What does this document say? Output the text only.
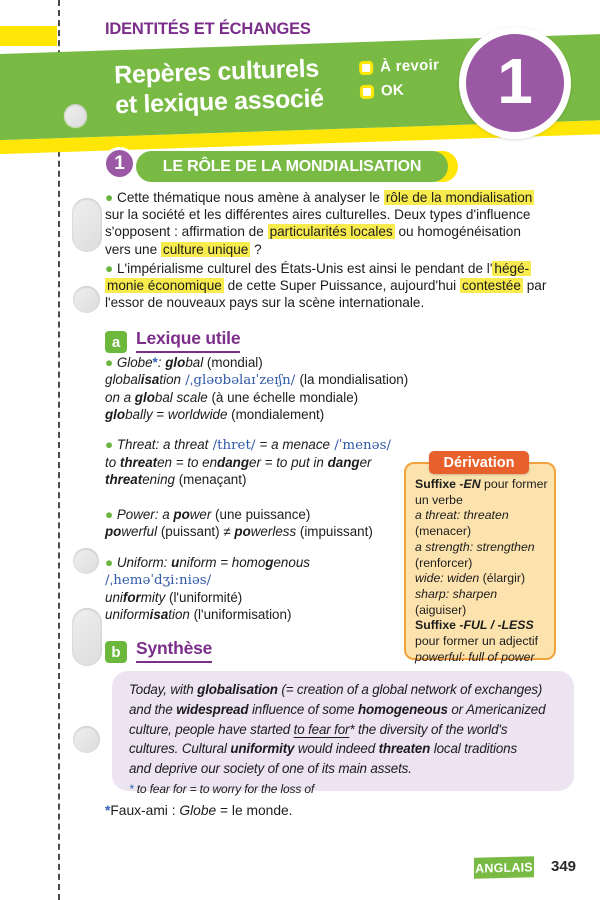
IDENTITÉS ET ÉCHANGES
Repères culturels
et lexique associé
À revoir
OK 1
LE RÔLE DE LA MONDIALISATION
1
● Cette thématique nous amène à analyser le rôle de la mondialisation
sur la société et les différentes aires culturelles. Deux types d'influence
s'opposent : affirmation de particularités locales ou homogénéisation
vers une culture unique ?
● L'impérialisme culturel des États-Unis est ainsi le pendant de l' hégé-
monie économique de cette Super Puissance, aujourd'hui contestée par
l'essor de nouveaux pays sur la scène internationale.
a Lexique utile
● Globe*: global (mondial)
globalisation /ˌgləʊbəlaɪˈzeɪʃn/ (la mondialisation)
on a global scale (à une échelle mondiale)
globally = worldwide (mondialement)
● Threat: a threat /thret/ = a menace /ˈmenəs/
to threaten = to endanger = to put in danger
threatening (menaçant)
● Power: a power (une puissance)
powerful (puissant) ≠ powerless (impuissant)
● Uniform: uniform = homogenous
/ˌheməˈdʒi:niəs/
uniformity (l'uniformité)
uniformisation (l'uniformisation)
Suffixe -EN pour former
un verbe
a threat: threaten
(menacer)
a strength: strengthen
(renforcer)
wide: widen (élargir)
sharp: sharpen
(aiguiser)
Suffixe -FUL / -LESS
pour former un adjectif
powerful: full of power
Dérivation
b Synthèse
Today, with globalisation (= creation of a global network of exchanges)
and the widespread influence of some homogeneous or Americanized
culture, people have started to fear for* the diversity of the world's
cultures. Cultural uniformity would indeed threaten local traditions
and deprive our society of one of its main assets.
* to fear for = to worry for the loss of
*Faux-ami : Globe = le monde.
ANGLAIS 349
